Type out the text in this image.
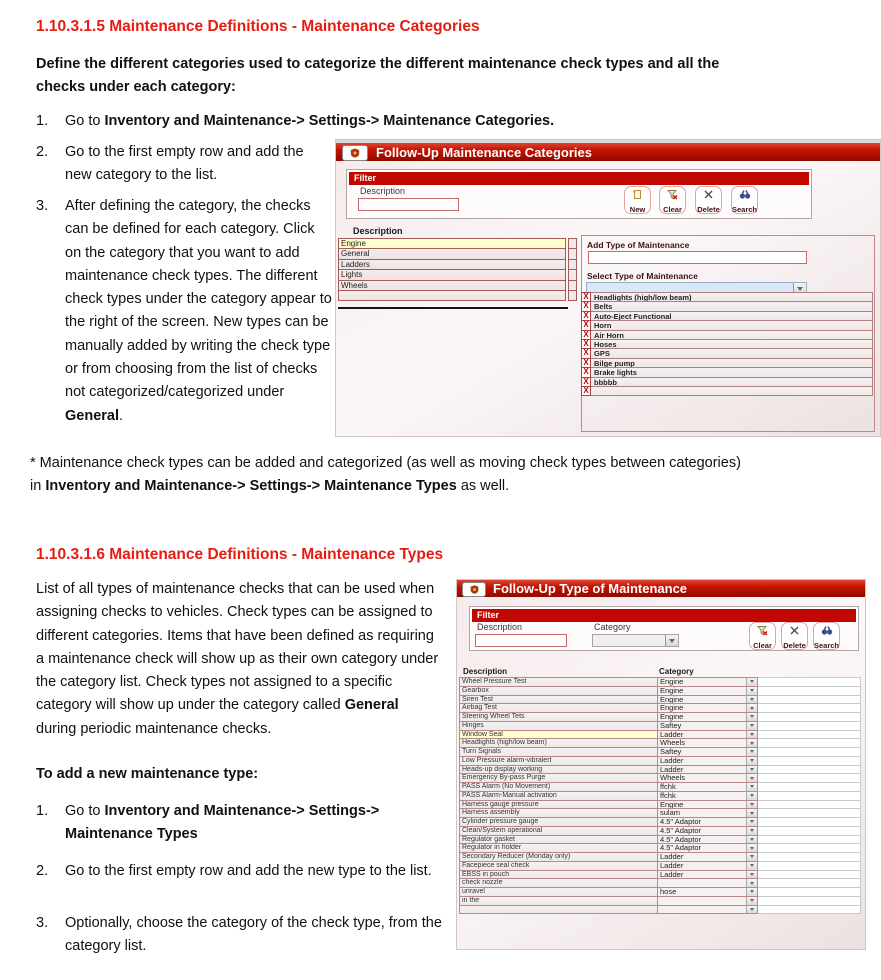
1.10.3.1.5 Maintenance Definitions - Maintenance Categories
Define the different categories used to categorize the different maintenance check types and all the checks under each category:
1.	Go to Inventory and Maintenance-> Settings-> Maintenance Categories.
2.	Go to the first empty row and add the new category to the list.
3.	After defining the category, the checks can be defined for each category. Click on the category that you want to add maintenance check types. The different check types under the category appear to the right of the screen. New types can be manually added by writing the check type or from choosing from the list of checks not categorized/categorized under General.
* Maintenance check types can be added and categorized (as well as moving check types between categories) in Inventory and Maintenance-> Settings-> Maintenance Types as well.
Follow-Up Maintenance Categories
Filter
Description
New Clear Delete Search
Description
Engine
General
Ladders
Lights
Wheels
Add Type of Maintenance
Select Type of Maintenance
X Headlights (high/low beam)
X Belts
X Auto-Eject Functional
X Horn
X Air Horn
X Hoses
X GPS
X Bilge pump
X Brake lights
X bbbbb
X
1.10.3.1.6 Maintenance Definitions - Maintenance Types
List of all types of maintenance checks that can be used when assigning checks to vehicles. Check types can be assigned to different categories. Items that have been defined as requiring a maintenance check will show up as their own category under the category list. Check types not assigned to a specific category will show up under the category called General during periodic maintenance checks.
To add a new maintenance type:
1.	Go to Inventory and Maintenance-> Settings-> Maintenance Types
2.	Go to the first empty row and add the new type to the list.
3.	Optionally, choose the category of the check type, from the category list.
Follow-Up Type of Maintenance
Filter
Description	Category
Clear Delete Search
Description	Category
Wheel Pressure Test	Engine
Gearbox	Engine
Siren Test	Engine
Airbag Test	Engine
Steering Wheel Tets	Engine
Hinges	Saftey
Window Seal	Ladder
Headlights (high/low beam)	Wheels
Turn Signals	Saftey
Low Pressure alarm-vibralert	Ladder
Heads-up display working	Ladder
Emergency By-pass Purge	Wheels
PASS Alarm (No Movement)	ffchk
PASS Alarm-Manual activation	ffchk
Harness gauge pressure	Engine
Harness assembly	sulam
Cylinder pressure gauge	4.5" Adaptor
Clean/System operational	4.5" Adaptor
Regulator gasket	4.5" Adaptor
Regulator in holder	4.5" Adaptor
Secondary Reducer (Monday only)	Ladder
Facepiece seal check	Ladder
EBSS in pouch	Ladder
check nozzle
unravel	hose
in the
